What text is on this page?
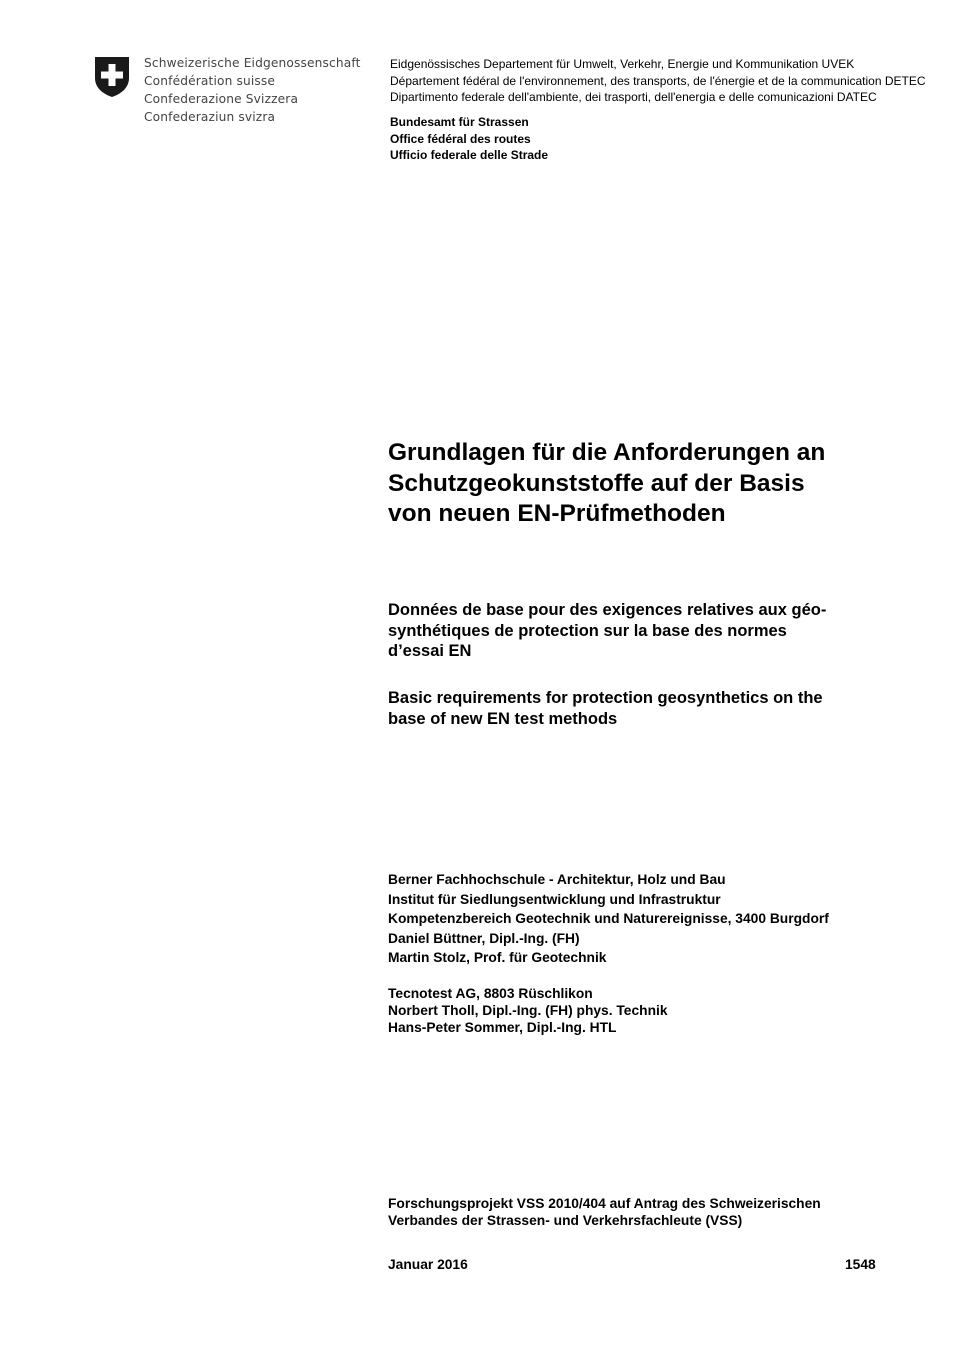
Schweizerische Eidgenossenschaft
Confédération suisse
Confederazione Svizzera
Confederaziun svizra
Eidgenössisches Departement für Umwelt, Verkehr, Energie und Kommunikation UVEK
Département fédéral de l'environnement, des transports, de l'énergie et de la communication DETEC
Dipartimento federale dell'ambiente, dei trasporti, dell'energia e delle comunicazioni DATEC
Bundesamt für Strassen
Office fédéral des routes
Ufficio federale delle Strade
Grundlagen für die Anforderungen an
Schutzgeokunststoffe auf der Basis
von neuen EN-Prüfmethoden
Données de base pour des exigences relatives aux géo-
synthétiques de protection sur la base des normes
d’essai EN
Basic requirements for protection geosynthetics on the
base of new EN test methods
Berner Fachhochschule - Architektur, Holz und Bau
Institut für Siedlungsentwicklung und Infrastruktur
Kompetenzbereich Geotechnik und Naturereignisse, 3400 Burgdorf
Daniel Büttner, Dipl.-Ing. (FH)
Martin Stolz, Prof. für Geotechnik
Tecnotest AG, 8803 Rüschlikon
Norbert Tholl, Dipl.-Ing. (FH) phys. Technik
Hans-Peter Sommer, Dipl.-Ing. HTL
Forschungsprojekt VSS 2010/404 auf Antrag des Schweizerischen
Verbandes der Strassen- und Verkehrsfachleute (VSS)
Januar 2016	1548
